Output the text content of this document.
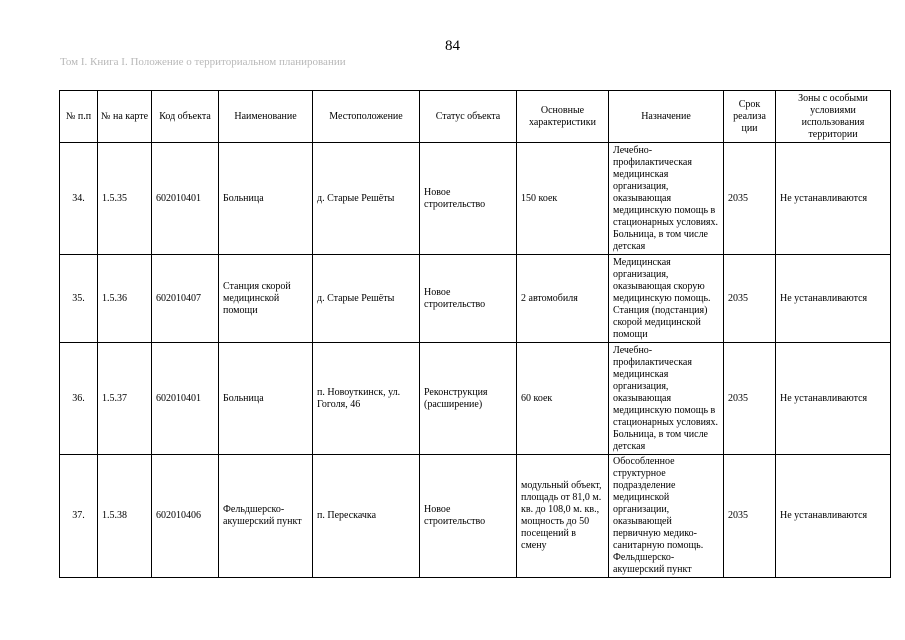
84
Том I. Книга I. Положение о территориальном планировании
№ п.п	№ на карте	Код объекта	Наименование	Местоположение	Статус объекта	Основные характеристики	Назначение	Срок реализа ции	Зоны с особыми условиями использования территории
34.	1.5.35	602010401	Больница	д. Старые Решёты	Новое строительство	150 коек	Лечебно-профилактическая медицинская организация, оказывающая медицинскую помощь в стационарных условиях. Больница, в том числе детская	2035	Не устанавливаются
35.	1.5.36	602010407	Станция скорой медицинской помощи	д. Старые Решёты	Новое строительство	2 автомобиля	Медицинская организация, оказывающая скорую медицинскую помощь. Станция (подстанция) скорой медицинской помощи	2035	Не устанавливаются
36.	1.5.37	602010401	Больница	п. Новоуткинск, ул. Гоголя, 46	Реконструкция (расширение)	60 коек	Лечебно-профилактическая медицинская организация, оказывающая медицинскую помощь в стационарных условиях. Больница, в том числе детская	2035	Не устанавливаются
37.	1.5.38	602010406	Фельдшерско-акушерский пункт	п. Перескачка	Новое строительство	модульный объект, площадь от 81,0 м. кв. до 108,0 м. кв., мощность до 50 посещений в смену	Обособленное структурное подразделение медицинской организации, оказывающей первичную медико-санитарную помощь. Фельдшерско-акушерский пункт	2035	Не устанавливаются
